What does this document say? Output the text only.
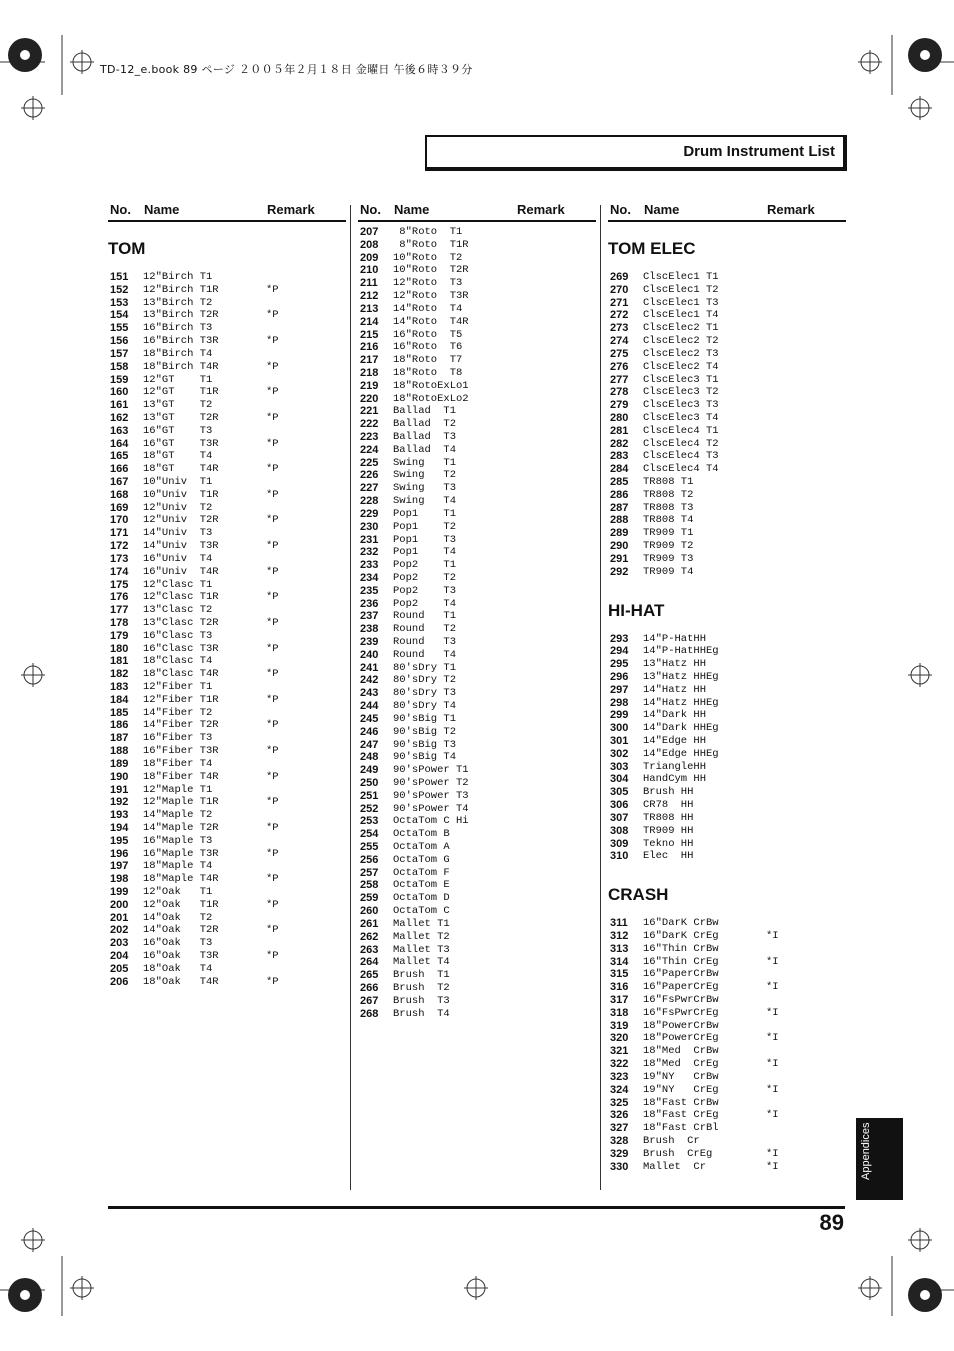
TD-12_e.book 89 ページ ２００５年２月１８日 金曜日 午後６時３９分
Drum Instrument List
No. Name	Remark
TOM
151 12"Birch T1
152 12"Birch T1R	*P
153 13"Birch T2
154 13"Birch T2R	*P
155 16"Birch T3
156 16"Birch T3R	*P
157 18"Birch T4
158 18"Birch T4R	*P
159 12"GT    T1
160 12"GT    T1R	*P
161 13"GT    T2
162 13"GT    T2R	*P
163 16"GT    T3
164 16"GT    T3R	*P
165 18"GT    T4
166 18"GT    T4R	*P
167 10"Univ  T1
168 10"Univ  T1R	*P
169 12"Univ  T2
170 12"Univ  T2R	*P
171 14"Univ  T3
172 14"Univ  T3R	*P
173 16"Univ  T4
174 16"Univ  T4R	*P
175 12"Clasc T1
176 12"Clasc T1R	*P
177 13"Clasc T2
178 13"Clasc T2R	*P
179 16"Clasc T3
180 16"Clasc T3R	*P
181 18"Clasc T4
182 18"Clasc T4R	*P
183 12"Fiber T1
184 12"Fiber T1R	*P
185 14"Fiber T2
186 14"Fiber T2R	*P
187 16"Fiber T3
188 16"Fiber T3R	*P
189 18"Fiber T4
190 18"Fiber T4R	*P
191 12"Maple T1
192 12"Maple T1R	*P
193 14"Maple T2
194 14"Maple T2R	*P
195 16"Maple T3
196 16"Maple T3R	*P
197 18"Maple T4
198 18"Maple T4R	*P
199 12"Oak   T1
200 12"Oak   T1R	*P
201 14"Oak   T2
202 14"Oak   T2R	*P
203 16"Oak   T3
204 16"Oak   T3R	*P
205 18"Oak   T4
206 18"Oak   T4R	*P
No. Name	Remark
207 8"Roto  T1
208 8"Roto  T1R
209 10"Roto  T2
210 10"Roto  T2R
211 12"Roto  T3
212 12"Roto  T3R
213 14"Roto  T4
214 14"Roto  T4R
215 16"Roto  T5
216 16"Roto  T6
217 18"Roto  T7
218 18"Roto  T8
219 18"RotoExLo1
220 18"RotoExLo2
221 Ballad  T1
222 Ballad  T2
223 Ballad  T3
224 Ballad  T4
225 Swing   T1
226 Swing   T2
227 Swing   T3
228 Swing   T4
229 Pop1    T1
230 Pop1    T2
231 Pop1    T3
232 Pop1    T4
233 Pop2    T1
234 Pop2    T2
235 Pop2    T3
236 Pop2    T4
237 Round   T1
238 Round   T2
239 Round   T3
240 Round   T4
241 80'sDry T1
242 80'sDry T2
243 80'sDry T3
244 80'sDry T4
245 90'sBig T1
246 90'sBig T2
247 90'sBig T3
248 90'sBig T4
249 90'sPower T1
250 90'sPower T2
251 90'sPower T3
252 90'sPower T4
253 OctaTom C Hi
254 OctaTom B
255 OctaTom A
256 OctaTom G
257 OctaTom F
258 OctaTom E
259 OctaTom D
260 OctaTom C
261 Mallet T1
262 Mallet T2
263 Mallet T3
264 Mallet T4
265 Brush  T1
266 Brush  T2
267 Brush  T3
268 Brush  T4
No. Name	Remark
TOM ELEC
269 ClscElec1 T1
270 ClscElec1 T2
271 ClscElec1 T3
272 ClscElec1 T4
273 ClscElec2 T1
274 ClscElec2 T2
275 ClscElec2 T3
276 ClscElec2 T4
277 ClscElec3 T1
278 ClscElec3 T2
279 ClscElec3 T3
280 ClscElec3 T4
281 ClscElec4 T1
282 ClscElec4 T2
283 ClscElec4 T3
284 ClscElec4 T4
285 TR808 T1
286 TR808 T2
287 TR808 T3
288 TR808 T4
289 TR909 T1
290 TR909 T2
291 TR909 T3
292 TR909 T4
HI-HAT
293 14"P-HatHH
294 14"P-HatHHEg
295 13"Hatz HH
296 13"Hatz HHEg
297 14"Hatz HH
298 14"Hatz HHEg
299 14"Dark HH
300 14"Dark HHEg
301 14"Edge HH
302 14"Edge HHEg
303 TriangleHH
304 HandCym HH
305 Brush HH
306 CR78  HH
307 TR808 HH
308 TR909 HH
309 Tekno HH
310 Elec  HH
CRASH
311 16"DarK CrBw
312 16"DarK CrEg	*I
313 16"Thin CrBw
314 16"Thin CrEg	*I
315 16"PaperCrBw
316 16"PaperCrEg	*I
317 16"FsPwrCrBw
318 16"FsPwrCrEg	*I
319 18"PowerCrBw
320 18"PowerCrEg	*I
321 18"Med  CrBw
322 18"Med  CrEg	*I
323 19"NY   CrBw
324 19"NY   CrEg	*I
325 18"Fast CrBw
326 18"Fast CrEg	*I
327 18"Fast CrBl
328 Brush  Cr
329 Brush  CrEg	*I
330 Mallet  Cr	*I	Appendices
89
